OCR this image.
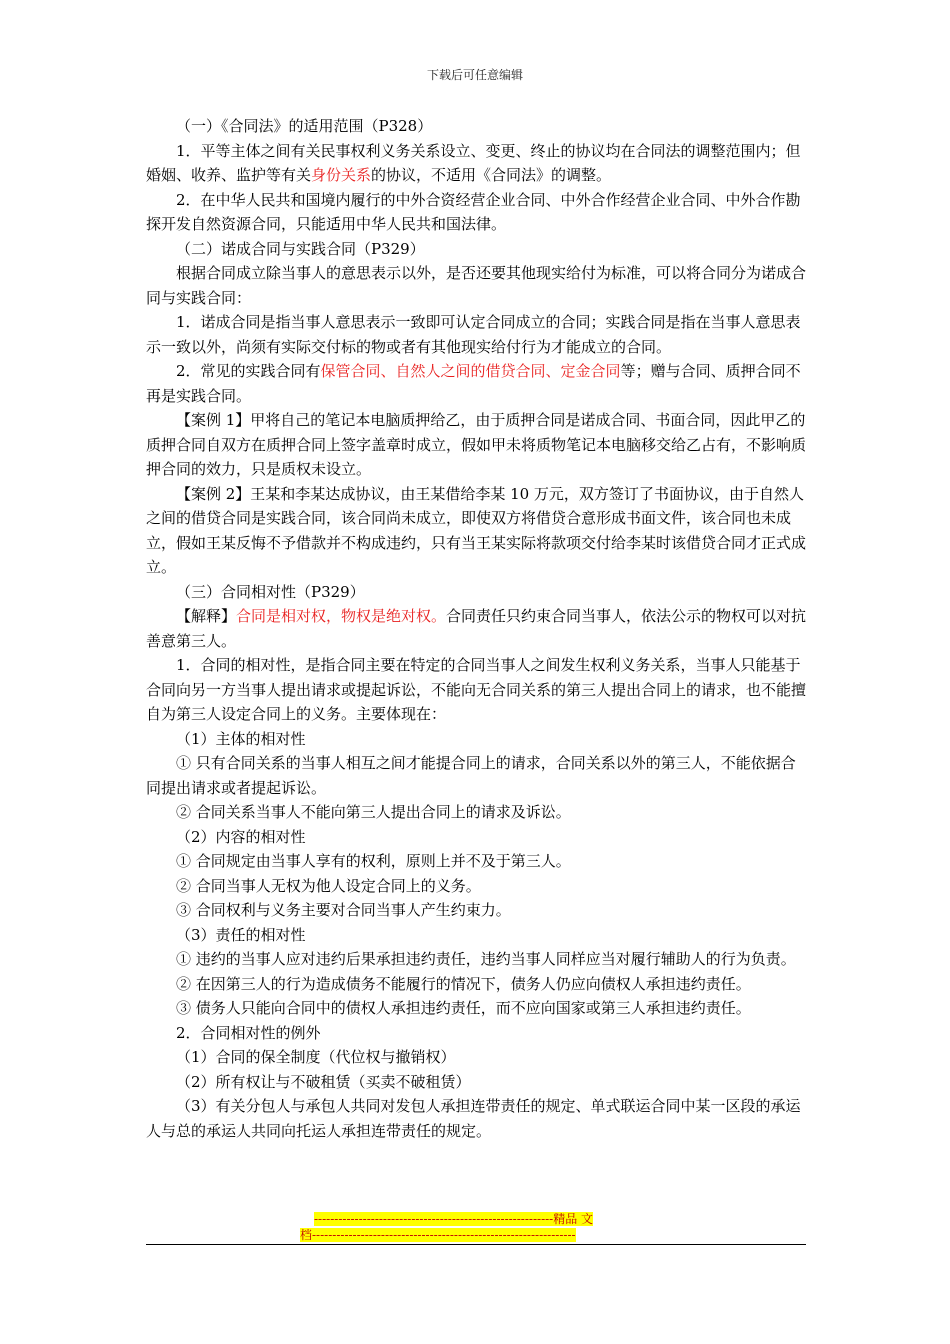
下载后可任意编辑

（一）《合同法》的适用范围（P328）

1．平等主体之间有关民事权利义务关系设立、变更、终止的协议均在合同法的调整范围内；但婚姻、收养、监护等有关身份关系的协议，不适用《合同法》的调整。

2．在中华人民共和国境内履行的中外合资经营企业合同、中外合作经营企业合同、中外合作勘探开发自然资源合同，只能适用中华人民共和国法律。

（二）诺成合同与实践合同（P329）

根据合同成立除当事人的意思表示以外，是否还要其他现实给付为标准，可以将合同分为诺成合同与实践合同：

1．诺成合同是指当事人意思表示一致即可认定合同成立的合同；实践合同是指在当事人意思表示一致以外，尚须有实际交付标的物或者有其他现实给付行为才能成立的合同。

2．常见的实践合同有保管合同、自然人之间的借贷合同、定金合同等；赠与合同、质押合同不再是实践合同。

【案例 1】甲将自己的笔记本电脑质押给乙，由于质押合同是诺成合同、书面合同，因此甲乙的质押合同自双方在质押合同上签字盖章时成立，假如甲未将质物笔记本电脑移交给乙占有，不影响质押合同的效力，只是质权未设立。

【案例 2】王某和李某达成协议，由王某借给李某 10 万元，双方签订了书面协议，由于自然人之间的借贷合同是实践合同，该合同尚未成立，即使双方将借贷合意形成书面文件，该合同也未成立，假如王某反悔不予借款并不构成违约，只有当王某实际将款项交付给李某时该借贷合同才正式成立。

（三）合同相对性（P329）

【解释】合同是相对权，物权是绝对权。合同责任只约束合同当事人，依法公示的物权可以对抗善意第三人。

1．合同的相对性，是指合同主要在特定的合同当事人之间发生权利义务关系，当事人只能基于合同向另一方当事人提出请求或提起诉讼，不能向无合同关系的第三人提出合同上的请求，也不能擅自为第三人设定合同上的义务。主要体现在：

（1）主体的相对性

① 只有合同关系的当事人相互之间才能提合同上的请求，合同关系以外的第三人，不能依据合同提出请求或者提起诉讼。

② 合同关系当事人不能向第三人提出合同上的请求及诉讼。

（2）内容的相对性

① 合同规定由当事人享有的权利，原则上并不及于第三人。

② 合同当事人无权为他人设定合同上的义务。

③ 合同权利与义务主要对合同当事人产生约束力。

（3）责任的相对性

① 违约的当事人应对违约后果承担违约责任，违约当事人同样应当对履行辅助人的行为负责。

② 在因第三人的行为造成债务不能履行的情况下，债务人仍应向债权人承担违约责任。

③ 债务人只能向合同中的债权人承担违约责任，而不应向国家或第三人承担违约责任。

2．合同相对性的例外

（1）合同的保全制度（代位权与撤销权）

（2）所有权让与不破租赁（买卖不破租赁）

（3）有关分包人与承包人共同对发包人承担连带责任的规定、单式联运合同中某一区段的承运人与总的承运人共同向托运人承担连带责任的规定。

-----------------------------------------------------------精品 文
档-----------------------------------------------------------------
